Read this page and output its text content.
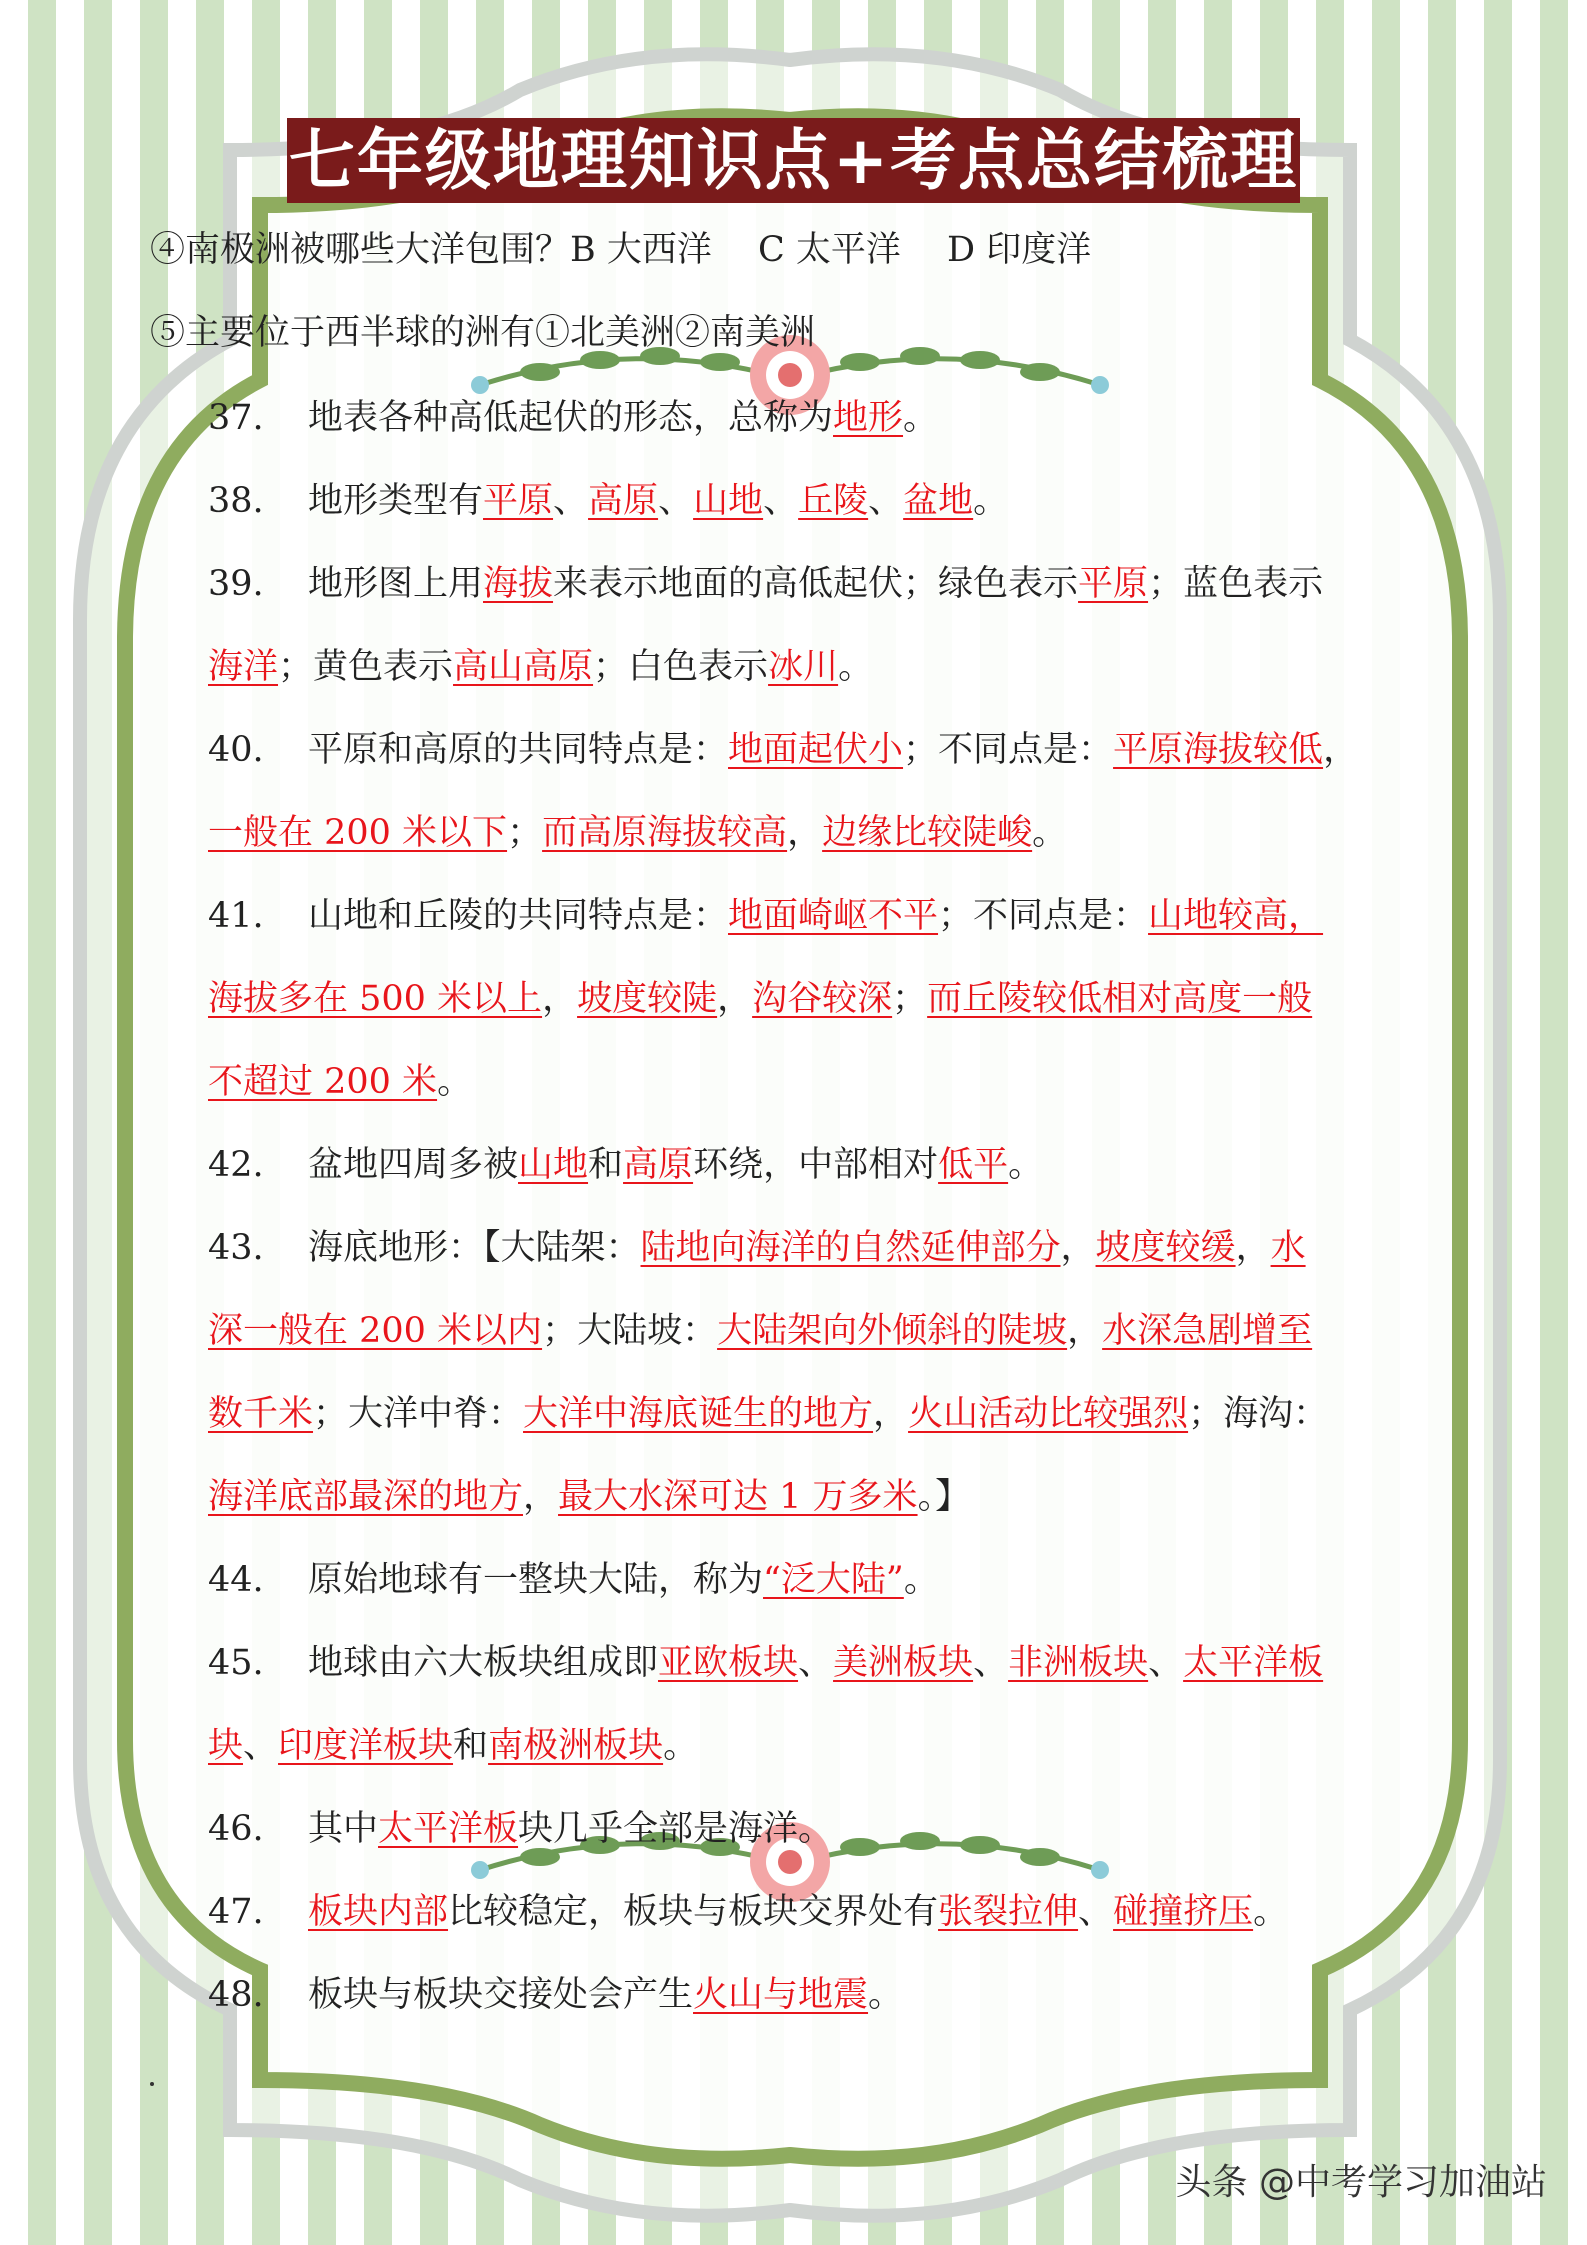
七年级地理知识点+考点总结梳理
④南极洲被哪些大洋包围？B 大西洋　 C 太平洋　 D 印度洋
⑤主要位于西半球的洲有①北美洲②南美洲
37.　地表各种高低起伏的形态，总称为地形。
38.　地形类型有平原、高原、山地、丘陵、盆地。
39.　地形图上用海拔来表示地面的高低起伏；绿色表示平原；蓝色表示
海洋；黄色表示高山高原；白色表示冰川。
40.　平原和高原的共同特点是：地面起伏小；不同点是：平原海拔较低，
一般在 200 米以下；而高原海拔较高，边缘比较陡峻。
41.　山地和丘陵的共同特点是：地面崎岖不平；不同点是：山地较高，
海拔多在 500 米以上，坡度较陡，沟谷较深；而丘陵较低相对高度一般
不超过 200 米。
42.　盆地四周多被山地和高原环绕，中部相对低平。
43.　海底地形：【大陆架：陆地向海洋的自然延伸部分，坡度较缓，水
深一般在 200 米以内；大陆坡：大陆架向外倾斜的陡坡，水深急剧增至
数千米；大洋中脊：大洋中海底诞生的地方，火山活动比较强烈；海沟：
海洋底部最深的地方，最大水深可达 1 万多米。】
44.　原始地球有一整块大陆，称为“泛大陆”。
45.　地球由六大板块组成即亚欧板块、美洲板块、非洲板块、太平洋板
块、印度洋板块和南极洲板块。
46.　其中太平洋板块几乎全部是海洋。
47.　板块内部比较稳定，板块与板块交界处有张裂拉伸、碰撞挤压。
48.　板块与板块交接处会产生火山与地震。
头条 @中考学习加油站
